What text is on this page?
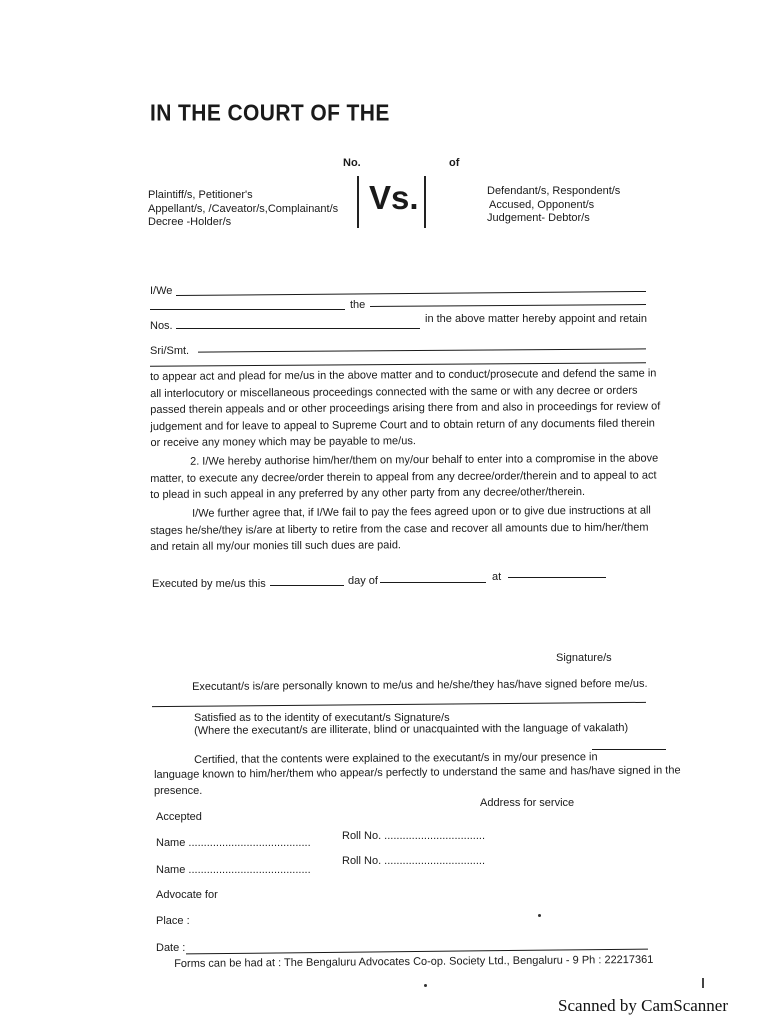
IN THE COURT OF THE
No.	of
Plaintiff/s, Petitioner's
Appellant/s, /Caveator/s,Complainant/s
Decree -Holder/s
Vs.	Defendant/s, Respondent/s
Accused, Opponent/s
Judgement- Debtor/s
I/We
the
Nos.
in the above matter hereby appoint and retain
Sri/Smt.
to appear act and plead for me/us in the above matter and to conduct/prosecute and defend the same in
all interlocutory or miscellaneous proceedings connected with the same or with any decree or orders
passed therein appeals and or other proceedings arising there from and also in proceedings for review of
judgement and for leave to appeal to Supreme Court and to obtain return of any documents filed therein
or receive any money which may be payable to me/us.
2. I/We hereby authorise him/her/them on my/our behalf to enter into a compromise in the above
matter, to execute any decree/order therein to appeal from any decree/order/therein and to appeal to act
to plead in such appeal in any preferred by any other party from any decree/other/therein.
I/We further agree that, if I/We fail to pay the fees agreed upon or to give due instructions at all
stages he/she/they is/are at liberty to retire from the case and recover all amounts due to him/her/them
and retain all my/our monies till such dues are paid.
Executed by me/us this	day of	at
Signature/s
Executant/s is/are personally known to me/us and he/she/they has/have signed before me/us.
Satisfied as to the identity of executant/s Signature/s
(Where the executant/s are illiterate, blind or unacquainted with the language of vakalath)
Certified, that the contents were explained to the executant/s in my/our presence in
language known to him/her/them who appear/s perfectly to understand the same and has/have signed in the
presence.
Address for service
Accepted
Name ........................................
Roll No. .................................
Name ........................................
Roll No. .................................
Advocate for
Place :
Date :
Forms can be had at : The Bengaluru Advocates Co-op. Society Ltd., Bengaluru - 9 Ph : 22217361
Scanned by CamScanner
